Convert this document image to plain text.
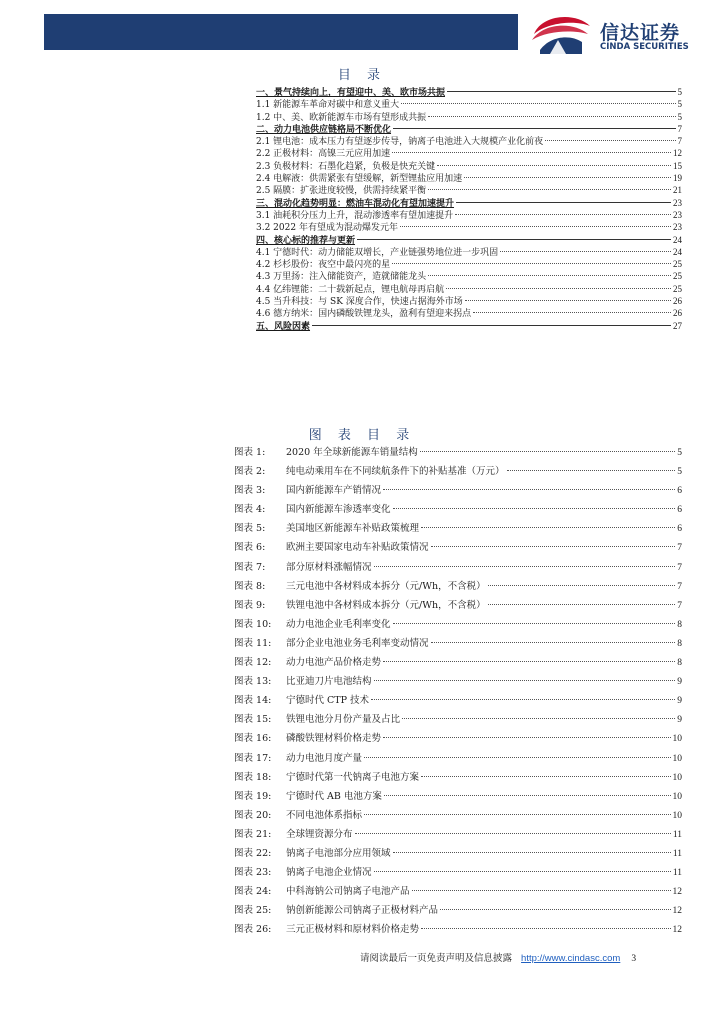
信达证券
CINDA SECURITIES
目 录
一、景气持续向上，有望迎中、美、欧市场共振	5
1.1 新能源车革命对碳中和意义重大	5
1.2 中、美、欧新能源车市场有望形成共振	5
二、动力电池供应链格局不断优化	7
2.1 锂电池：成本压力有望逐步传导，钠离子电池进入大规模产业化前夜	7
2.2 正极材料：高镍三元应用加速	12
2.3 负极材料：石墨化趋紧，负极是快充关键	15
2.4 电解液：供需紧张有望缓解，新型锂盐应用加速	19
2.5 隔膜：扩张进度较慢，供需持续紧平衡	21
三、混动化趋势明显：燃油车混动化有望加速提升	23
3.1 油耗积分压力上升，混动渗透率有望加速提升	23
3.2 2022 年有望成为混动爆发元年	23
四、核心标的推荐与更新	24
4.1 宁德时代：动力储能双增长，产业链强势地位进一步巩固	24
4.2 杉杉股份：夜空中最闪亮的星	25
4.3 万里扬：注入储能资产，造就储能龙头	25
4.4 亿纬锂能：二十载新起点，锂电航母再启航	25
4.5 当升科技：与 SK 深度合作，快速占据海外市场	26
4.6 德方纳米：国内磷酸铁锂龙头，盈利有望迎来拐点	26
五、风险因素	27
图 表 目 录
图表 1:	2020 年全球新能源车销量结构	5
图表 2:	纯电动乘用车在不同续航条件下的补贴基准（万元）	5
图表 3:	国内新能源车产销情况	6
图表 4:	国内新能源车渗透率变化	6
图表 5:	美国地区新能源车补贴政策梳理	6
图表 6:	欧洲主要国家电动车补贴政策情况	7
图表 7:	部分原材料涨幅情况	7
图表 8:	三元电池中各材料成本拆分（元/Wh，不含税）	7
图表 9:	铁锂电池中各材料成本拆分（元/Wh，不含税）	7
图表 10:	动力电池企业毛利率变化	8
图表 11:	部分企业电池业务毛利率变动情况	8
图表 12:	动力电池产品价格走势	8
图表 13:	比亚迪刀片电池结构	9
图表 14:	宁德时代 CTP 技术	9
图表 15:	铁锂电池分月份产量及占比	9
图表 16:	磷酸铁锂材料价格走势	10
图表 17:	动力电池月度产量	10
图表 18:	宁德时代第一代钠离子电池方案	10
图表 19:	宁德时代 AB 电池方案	10
图表 20:	不同电池体系指标	10
图表 21:	全球锂资源分布	11
图表 22:	钠离子电池部分应用领域	11
图表 23:	钠离子电池企业情况	11
图表 24:	中科海钠公司钠离子电池产品	12
图表 25:	钠创新能源公司钠离子正极材料产品	12
图表 26:	三元正极材料和原材料价格走势	12
请阅读最后一页免责声明及信息披露 http://www.cindasc.com 3
